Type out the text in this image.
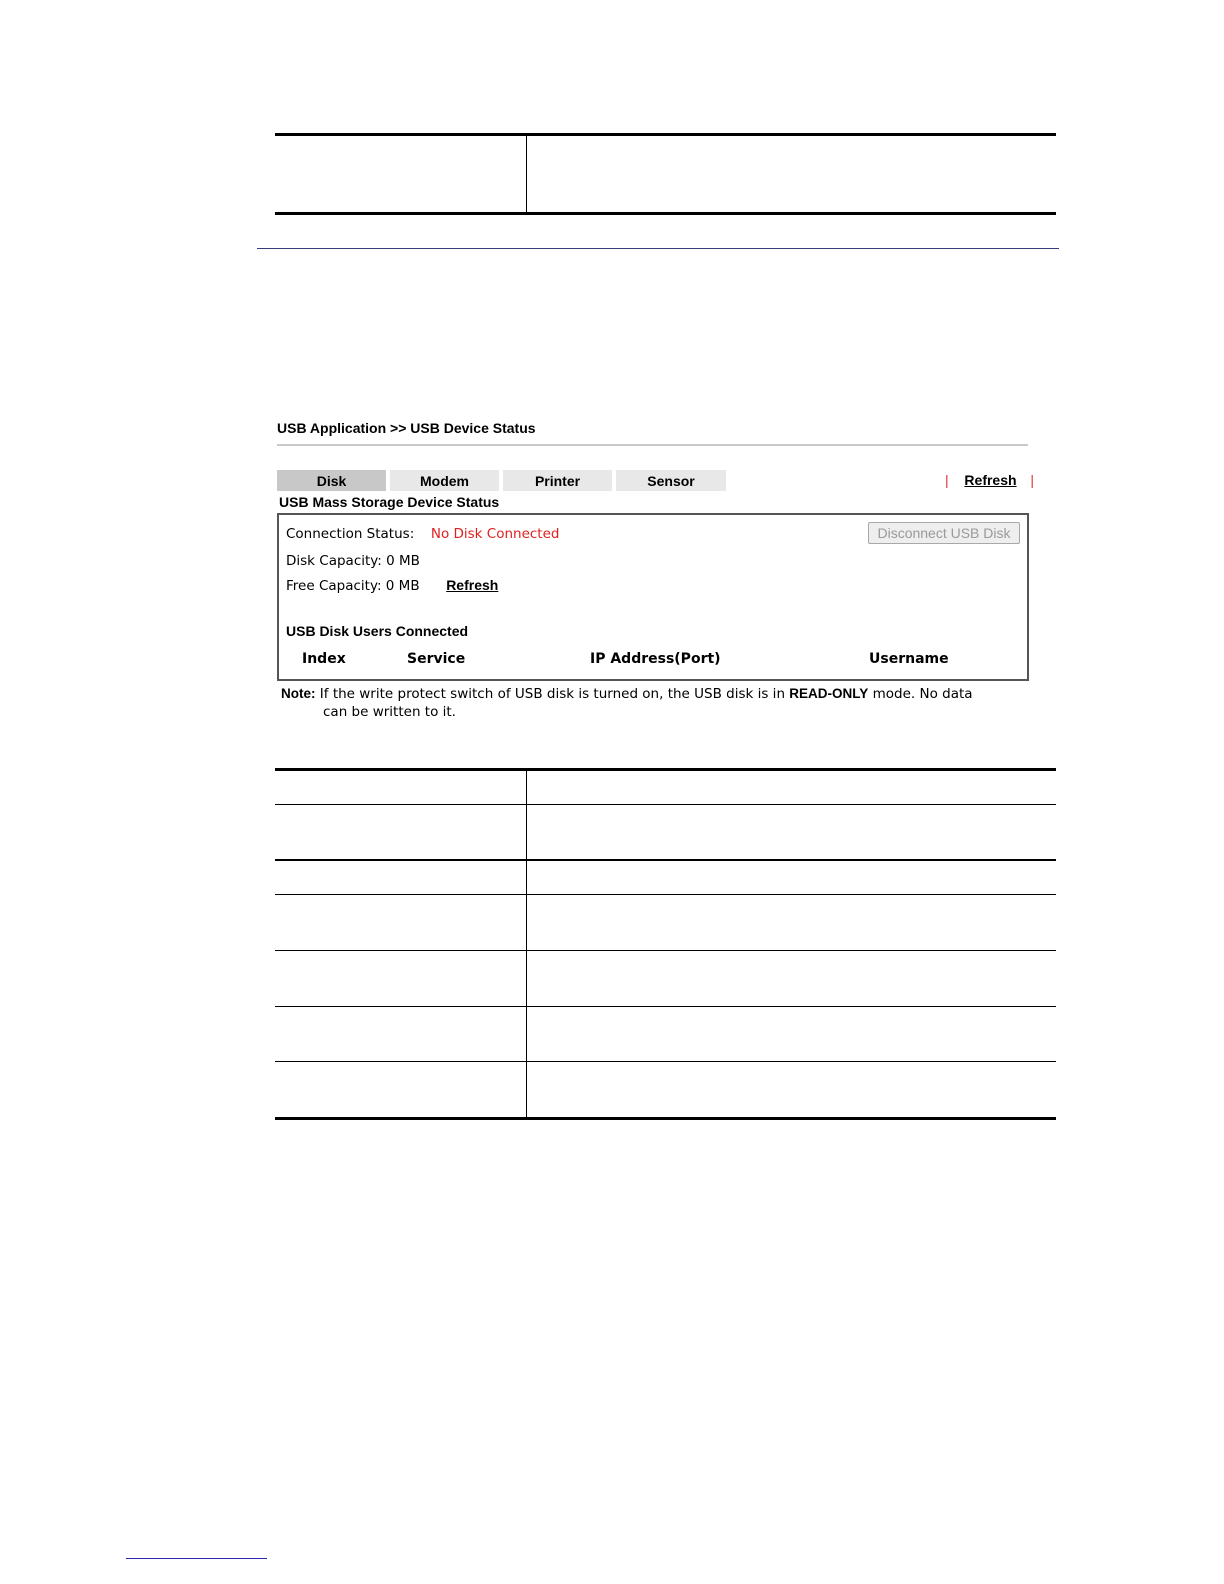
USB Application >> USB Device Status
Disk	Modem	Printer	Sensor	| Refresh |
USB Mass Storage Device Status
Connection Status: No Disk Connected	Disconnect USB Disk
Disk Capacity: 0 MB
Free Capacity: 0 MB Refresh
USB Disk Users Connected
Index	Service	IP Address(Port)	Username
Note: If the write protect switch of USB disk is turned on, the USB disk is in READ-ONLY mode. No data
can be written to it.
